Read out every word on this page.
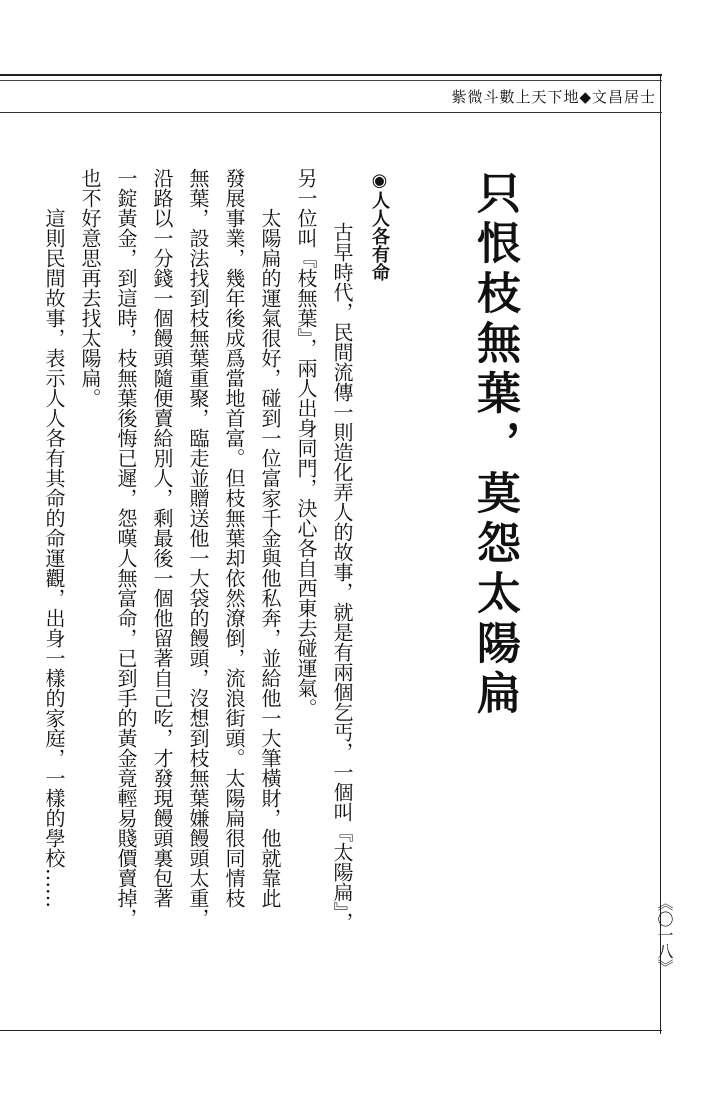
紫微斗數上天下地◆文昌居士
只恨枝無葉，莫怨太陽扁
◉人人各有命
古早時代，民間流傳一則造化弄人的故事，就是有兩個乞丐，一個叫『太陽扁』，
另一位叫『枝無葉』，兩人出身同門，決心各自西東去碰運氣。
太陽扁的運氣很好，碰到一位富家千金與他私奔，並給他一大筆橫財，他就靠此
發展事業，幾年後成爲當地首富。但枝無葉却依然潦倒，流浪街頭。太陽扁很同情枝
無葉，設法找到枝無葉重聚，臨走並贈送他一大袋的饅頭，沒想到枝無葉嫌饅頭太重，
沿路以一分錢一個饅頭隨便賣給別人，剩最後一個他留著自己吃，才發現饅頭裏包著
一錠黃金，到這時，枝無葉後悔已遲，怨嘆人無富命，已到手的黃金竟輕易賤價賣掉，
也不好意思再去找太陽扁。
這則民間故事，表示人人各有其命的命運觀，出身一樣的家庭，一樣的學校……
《〇一八》
